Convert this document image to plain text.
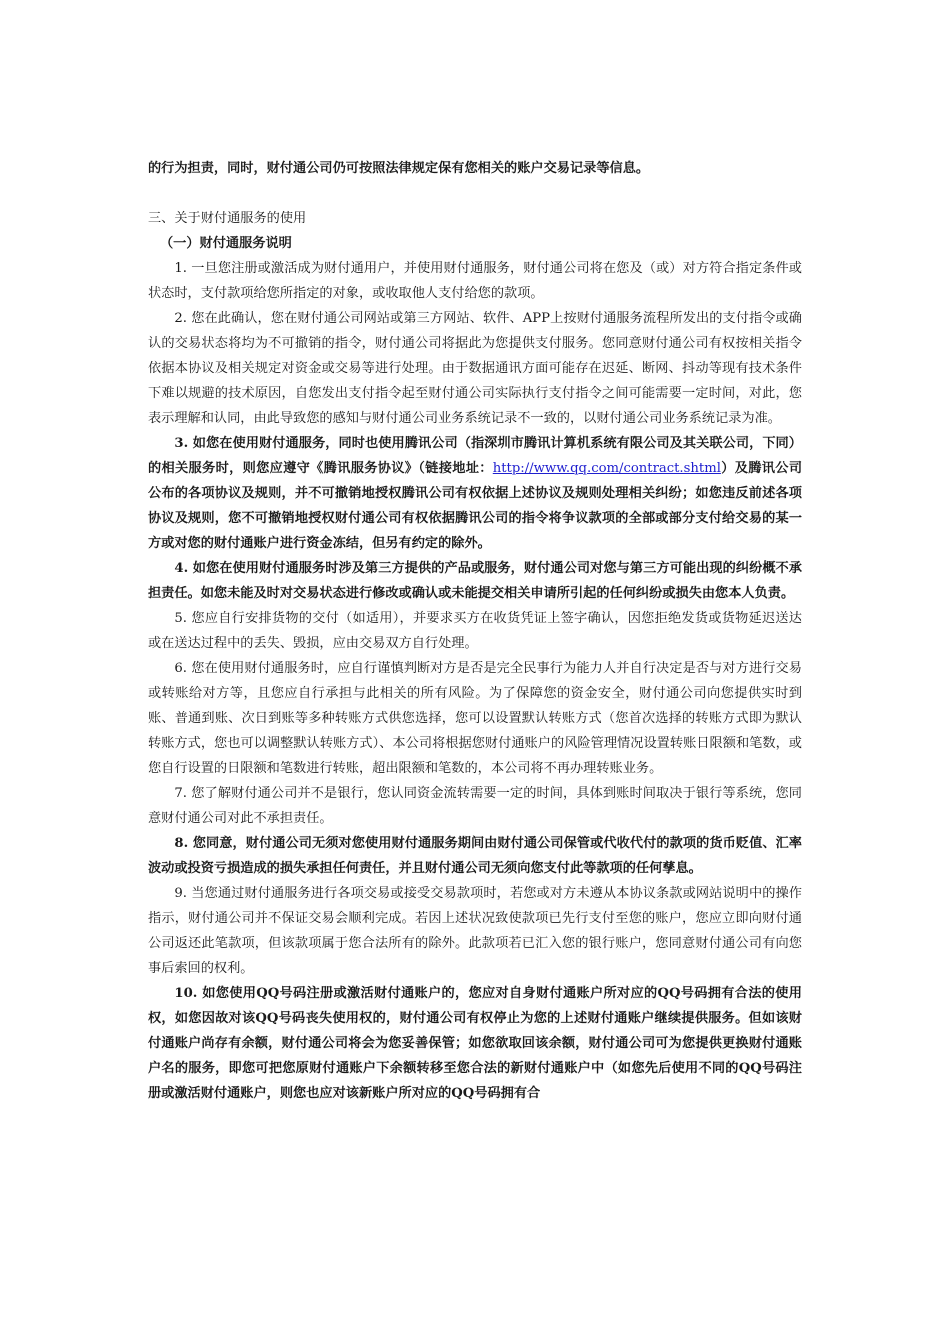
的行为担责，同时，财付通公司仍可按照法律规定保有您相关的账户交易记录等信息。

三、关于财付通服务的使用

（一）财付通服务说明

1. 一旦您注册或激活成为财付通用户，并使用财付通服务，财付通公司将在您及（或）对方符合指定条件或状态时，支付款项给您所指定的对象，或收取他人支付给您的款项。

2. 您在此确认，您在财付通公司网站或第三方网站、软件、APP上按财付通服务流程所发出的支付指令或确认的交易状态将均为不可撤销的指令，财付通公司将据此为您提供支付服务。您同意财付通公司有权按相关指令依据本协议及相关规定对资金或交易等进行处理。由于数据通讯方面可能存在迟延、断网、抖动等现有技术条件下难以规避的技术原因，自您发出支付指令起至财付通公司实际执行支付指令之间可能需要一定时间，对此，您表示理解和认同，由此导致您的感知与财付通公司业务系统记录不一致的，以财付通公司业务系统记录为准。

3. 如您在使用财付通服务，同时也使用腾讯公司（指深圳市腾讯计算机系统有限公司及其关联公司，下同）的相关服务时，则您应遵守《腾讯服务协议》（链接地址：http://www.qq.com/contract.shtml）及腾讯公司公布的各项协议及规则，并不可撤销地授权腾讯公司有权依据上述协议及规则处理相关纠纷；如您违反前述各项协议及规则，您不可撤销地授权财付通公司有权依据腾讯公司的指令将争议款项的全部或部分支付给交易的某一方或对您的财付通账户进行资金冻结，但另有约定的除外。

4. 如您在使用财付通服务时涉及第三方提供的产品或服务，财付通公司对您与第三方可能出现的纠纷概不承担责任。如您未能及时对交易状态进行修改或确认或未能提交相关申请所引起的任何纠纷或损失由您本人负责。

5. 您应自行安排货物的交付（如适用），并要求买方在收货凭证上签字确认，因您拒绝发货或货物延迟送达或在送达过程中的丢失、毁损，应由交易双方自行处理。

6. 您在使用财付通服务时，应自行谨慎判断对方是否是完全民事行为能力人并自行决定是否与对方进行交易或转账给对方等，且您应自行承担与此相关的所有风险。为了保障您的资金安全，财付通公司向您提供实时到账、普通到账、次日到账等多种转账方式供您选择，您可以设置默认转账方式（您首次选择的转账方式即为默认转账方式，您也可以调整默认转账方式）、本公司将根据您财付通账户的风险管理情况设置转账日限额和笔数，或您自行设置的日限额和笔数进行转账，超出限额和笔数的，本公司将不再办理转账业务。

7. 您了解财付通公司并不是银行，您认同资金流转需要一定的时间，具体到账时间取决于银行等系统，您同意财付通公司对此不承担责任。

8. 您同意，财付通公司无须对您使用财付通服务期间由财付通公司保管或代收代付的款项的货币贬值、汇率波动或投资亏损造成的损失承担任何责任，并且财付通公司无须向您支付此等款项的任何孳息。

9. 当您通过财付通服务进行各项交易或接受交易款项时，若您或对方未遵从本协议条款或网站说明中的操作指示，财付通公司并不保证交易会顺利完成。若因上述状况致使款项已先行支付至您的账户，您应立即向财付通公司返还此笔款项，但该款项属于您合法所有的除外。此款项若已汇入您的银行账户，您同意财付通公司有向您事后索回的权利。

10. 如您使用QQ号码注册或激活财付通账户的，您应对自身财付通账户所对应的QQ号码拥有合法的使用权，如您因故对该QQ号码丧失使用权的，财付通公司有权停止为您的上述财付通账户继续提供服务。但如该财付通账户尚存有余额，财付通公司将会为您妥善保管；如您欲取回该余额，财付通公司可为您提供更换财付通账户名的服务，即您可把您原财付通账户下余额转移至您合法的新财付通账户中（如您先后使用不同的QQ号码注册或激活财付通账户，则您也应对该新账户所对应的QQ号码拥有合
